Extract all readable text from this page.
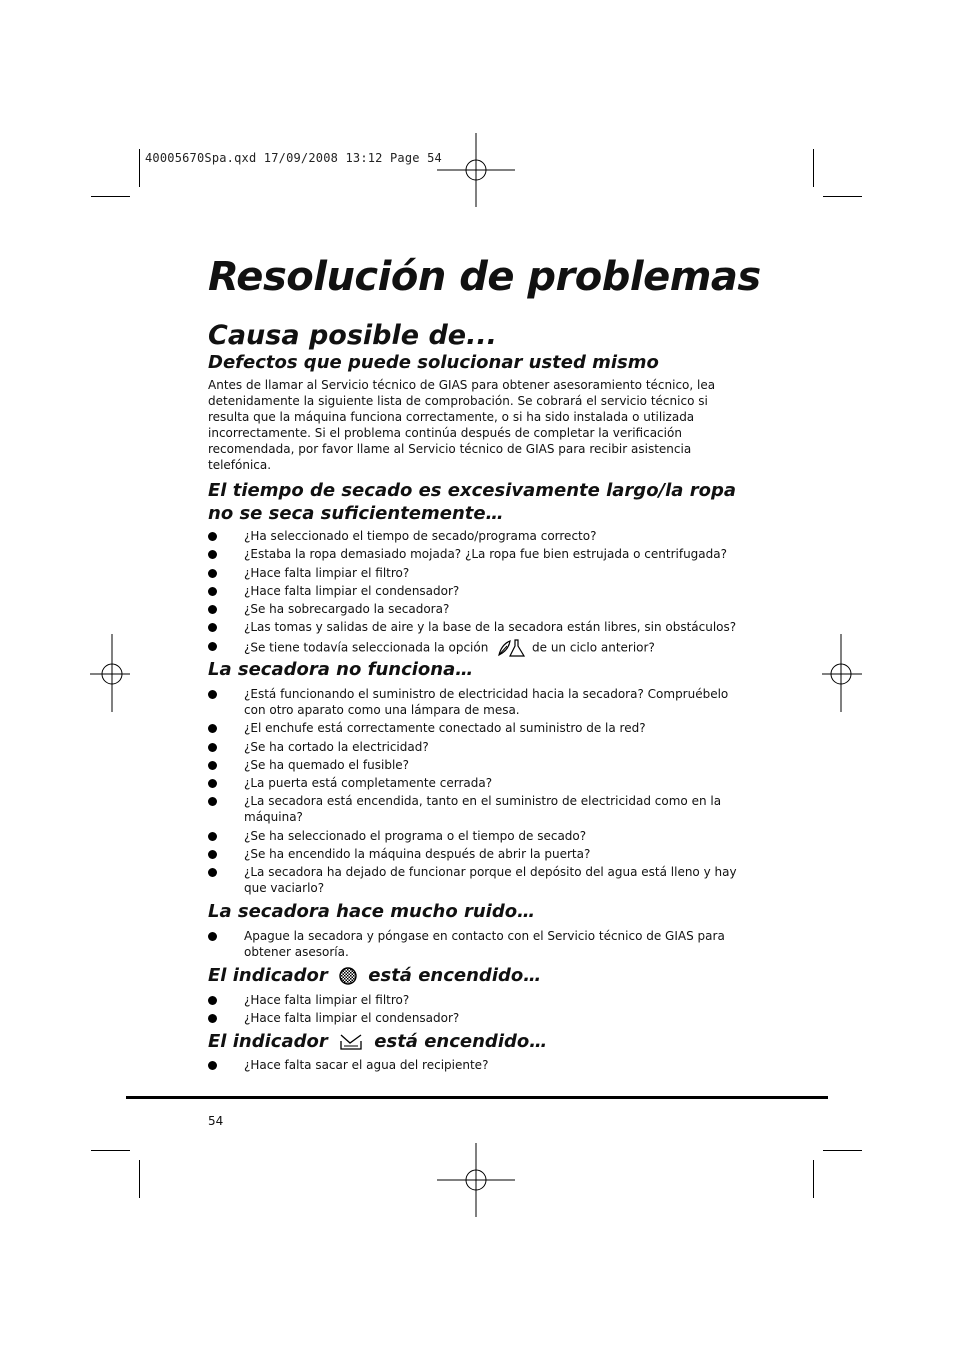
40005670Spa.qxd 17/09/2008 13:12 Page 54
Resolución de problemas
Causa posible de...
Defectos que puede solucionar usted mismo

Antes de llamar al Servicio técnico de GIAS para obtener asesoramiento técnico, lea detenidamente la siguiente lista de comprobación. Se cobrará el servicio técnico si resulta que la máquina funciona correctamente, o si ha sido instalada o utilizada incorrectamente. Si el problema continúa después de completar la verificación recomendada, por favor llame al Servicio técnico de GIAS para recibir asistencia telefónica.

El tiempo de secado es excesivamente largo/la ropa no se seca suficientemente…
¿Ha seleccionado el tiempo de secado/programa correcto?
¿Estaba la ropa demasiado mojada? ¿La ropa fue bien estrujada o centrifugada?
¿Hace falta limpiar el filtro?
¿Hace falta limpiar el condensador?
¿Se ha sobrecargado la secadora?
¿Las tomas y salidas de aire y la base de la secadora están libres, sin obstáculos?
¿Se tiene todavía seleccionada la opción	de un ciclo anterior?
La secadora no funciona…
¿Está funcionando el suministro de electricidad hacia la secadora? Compruébelo con otro aparato como una lámpara de mesa.
¿El enchufe está correctamente conectado al suministro de la red?
¿Se ha cortado la electricidad?
¿Se ha quemado el fusible?
¿La puerta está completamente cerrada?
¿La secadora está encendida, tanto en el suministro de electricidad como en la máquina?
¿Se ha seleccionado el programa o el tiempo de secado?
¿Se ha encendido la máquina después de abrir la puerta?
¿La secadora ha dejado de funcionar porque el depósito del agua está lleno y hay que vaciarlo?
La secadora hace mucho ruido…
Apague la secadora y póngase en contacto con el Servicio técnico de GIAS para obtener asesoría.
El indicador está encendido…
¿Hace falta limpiar el filtro?
¿Hace falta limpiar el condensador?
El indicador	está encendido…
¿Hace falta sacar el agua del recipiente?
54
